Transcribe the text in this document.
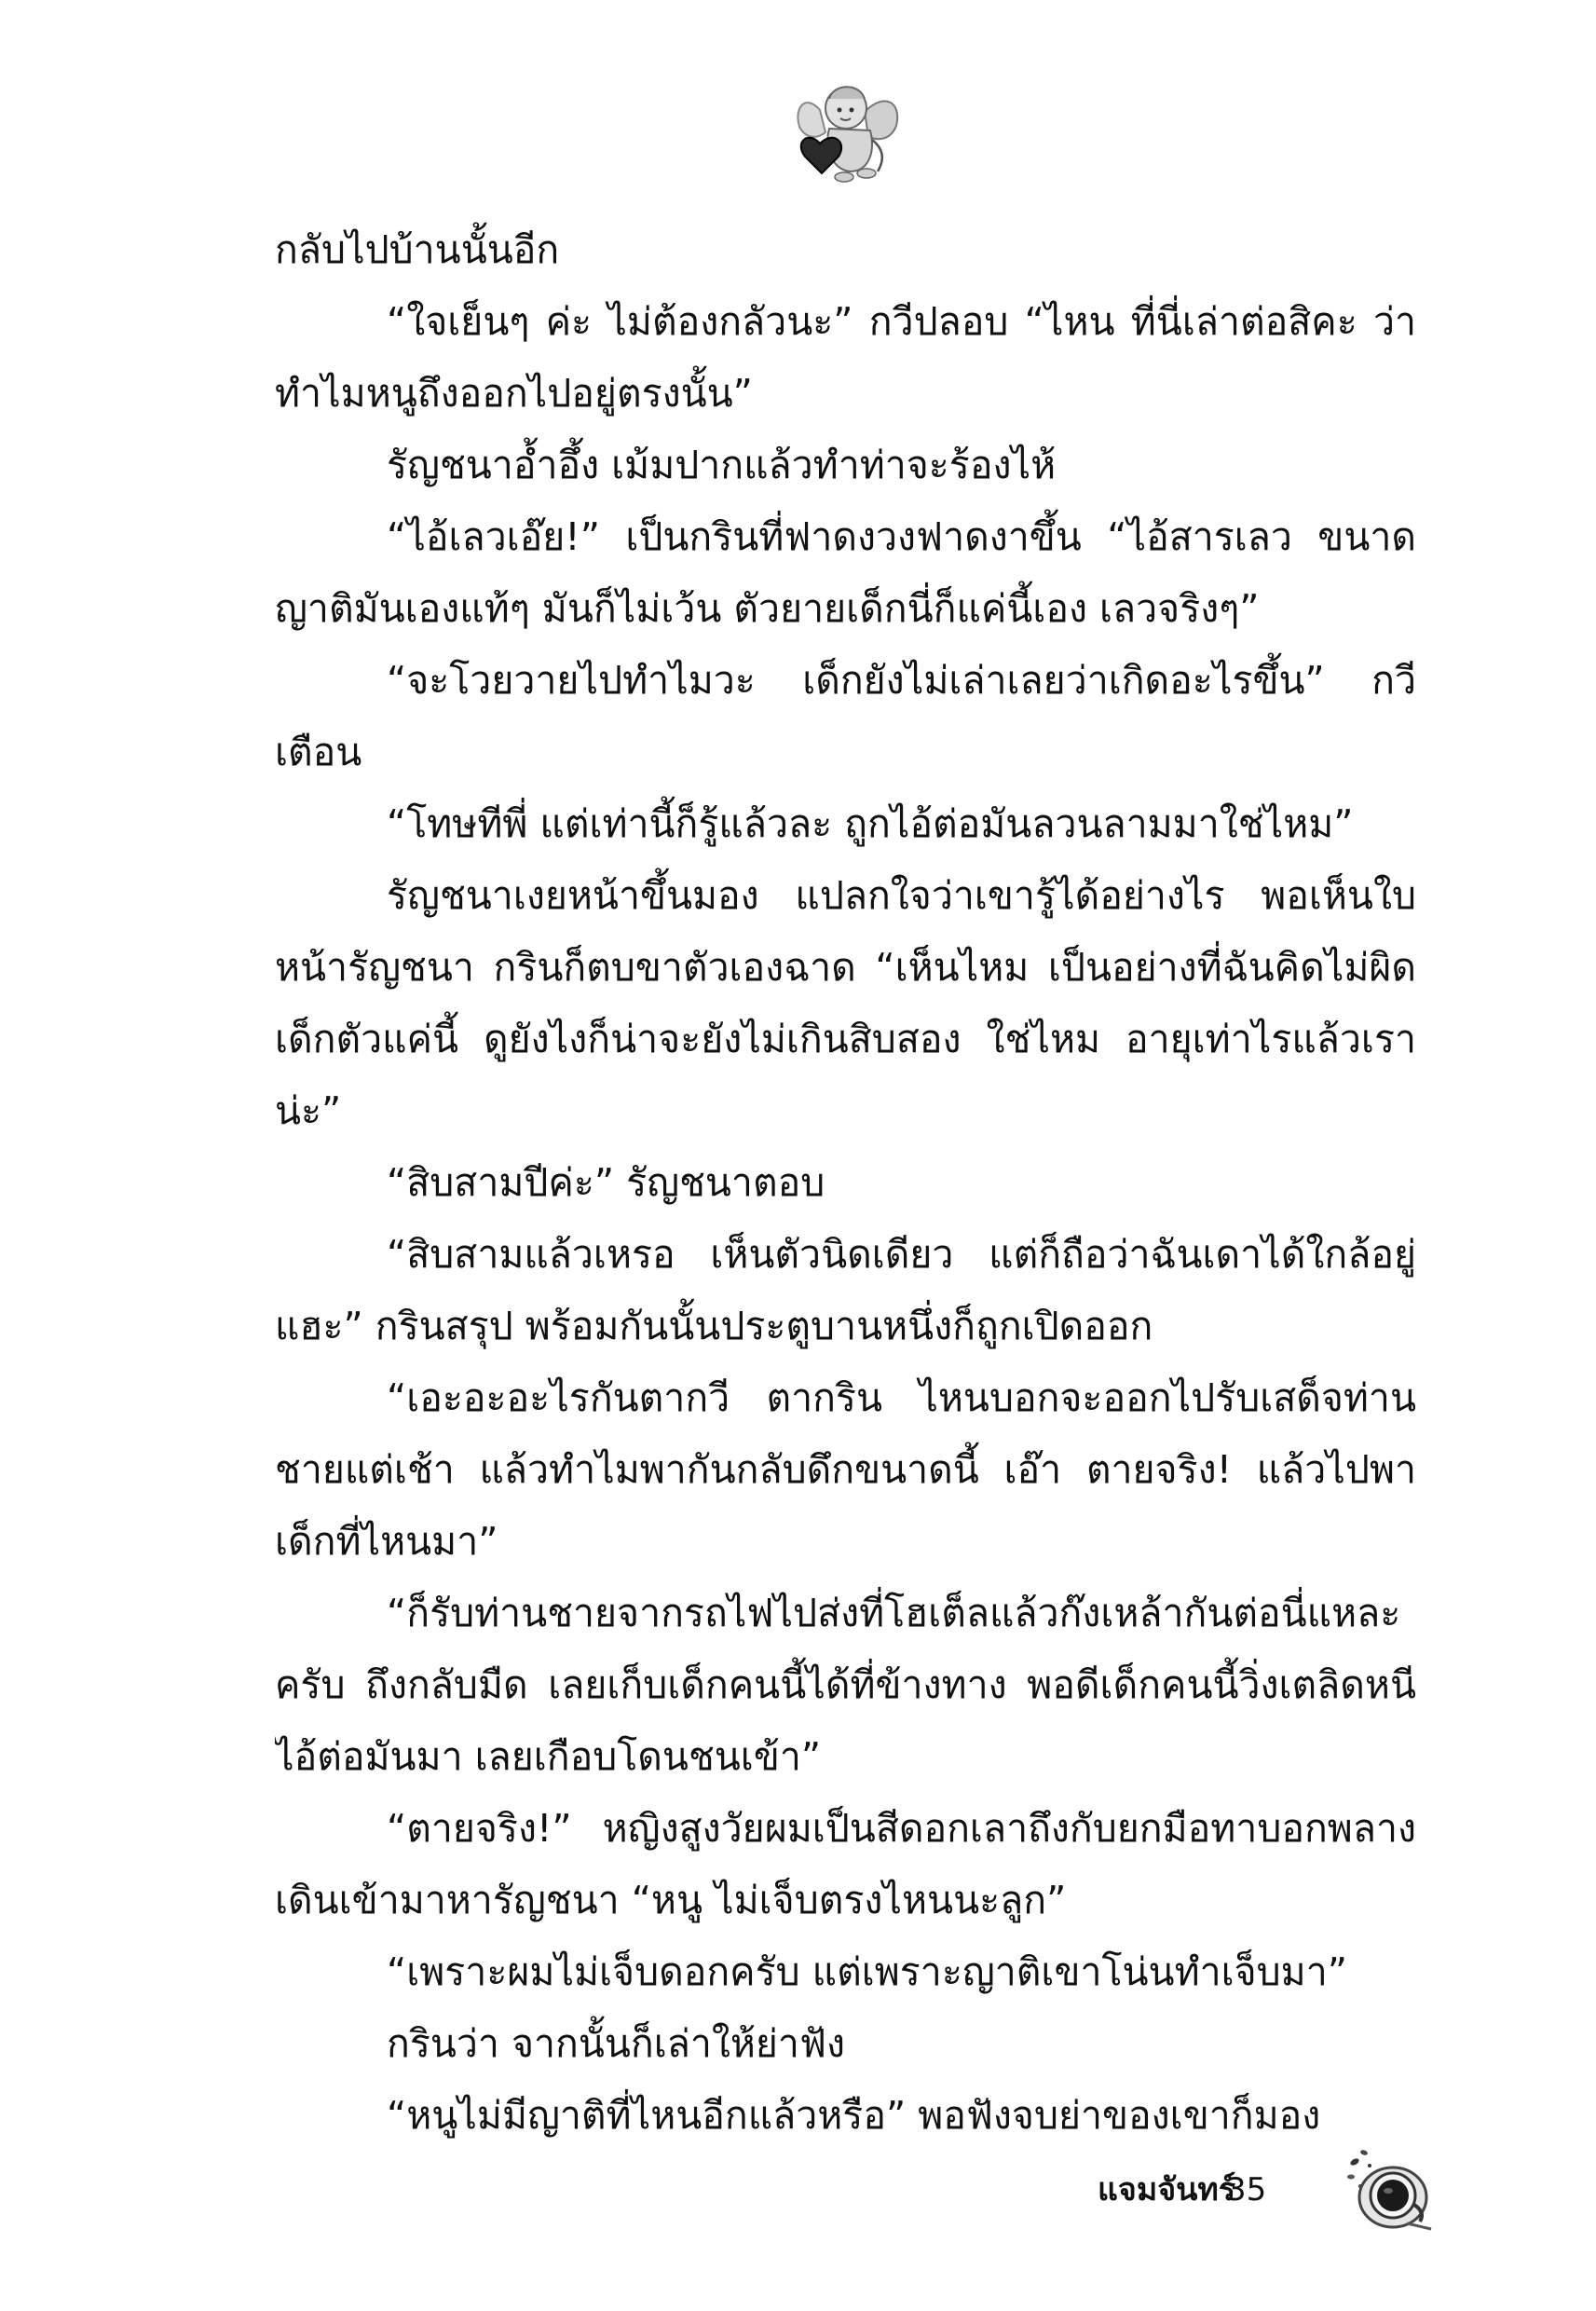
กลับไปบ้านนั้นอีก

“ใจเย็นๆ ค่ะ ไม่ต้องกลัวนะ” กวีปลอบ “ไหน ที่นี่เล่าต่อสิคะ ว่าทำไมหนูถึงออกไปอยู่ตรงนั้น”

รัญชนาอ้ำอึ้ง เม้มปากแล้วทำท่าจะร้องไห้

“ไอ้เลวเอ๊ย!” เป็นกรินที่ฟาดงวงฟาดงาขึ้น “ไอ้สารเลว ขนาดญาติมันเองแท้ๆ มันก็ไม่เว้น ตัวยายเด็กนี่ก็แค่นี้เอง เลวจริงๆ”

“จะโวยวายไปทำไมวะ เด็กยังไม่เล่าเลยว่าเกิดอะไรขึ้น” กวีเตือน

“โทษทีพี่ แต่เท่านี้ก็รู้แล้วละ ถูกไอ้ต่อมันลวนลามมาใช่ไหม”

รัญชนาเงยหน้าขึ้นมอง แปลกใจว่าเขารู้ได้อย่างไร พอเห็นใบหน้ารัญชนา กรินก็ตบขาตัวเองฉาด “เห็นไหม เป็นอย่างที่ฉันคิดไม่ผิด เด็กตัวแค่นี้ ดูยังไงก็น่าจะยังไม่เกินสิบสอง ใช่ไหม อายุเท่าไรแล้วเราน่ะ”

“สิบสามปีค่ะ” รัญชนาตอบ

“สิบสามแล้วเหรอ เห็นตัวนิดเดียว แต่ก็ถือว่าฉันเดาได้ใกล้อยู่แฮะ” กรินสรุป พร้อมกันนั้นประตูบานหนึ่งก็ถูกเปิดออก

“เอะอะอะไรกันตากวี ตากริน ไหนบอกจะออกไปรับเสด็จท่านชายแต่เช้า แล้วทำไมพากันกลับดึกขนาดนี้ เอ๊า ตายจริง! แล้วไปพาเด็กที่ไหนมา”

“ก็รับท่านชายจากรถไฟไปส่งที่โฮเต็ลแล้วก๊งเหล้ากันต่อนี่แหละครับ ถึงกลับมืด เลยเก็บเด็กคนนี้ได้ที่ข้างทาง พอดีเด็กคนนี้วิ่งเตลิดหนีไอ้ต่อมันมา เลยเกือบโดนชนเข้า”

“ตายจริง!” หญิงสูงวัยผมเป็นสีดอกเลาถึงกับยกมือทาบอกพลางเดินเข้ามาหารัญชนา “หนู ไม่เจ็บตรงไหนนะลูก”

“เพราะผมไม่เจ็บดอกครับ แต่เพราะญาติเขาโน่นทำเจ็บมา”

กรินว่า จากนั้นก็เล่าให้ย่าฟัง

“หนูไม่มีญาติที่ไหนอีกแล้วหรือ” พอฟังจบย่าของเขาก็มอง

แจมจันทร์
35
